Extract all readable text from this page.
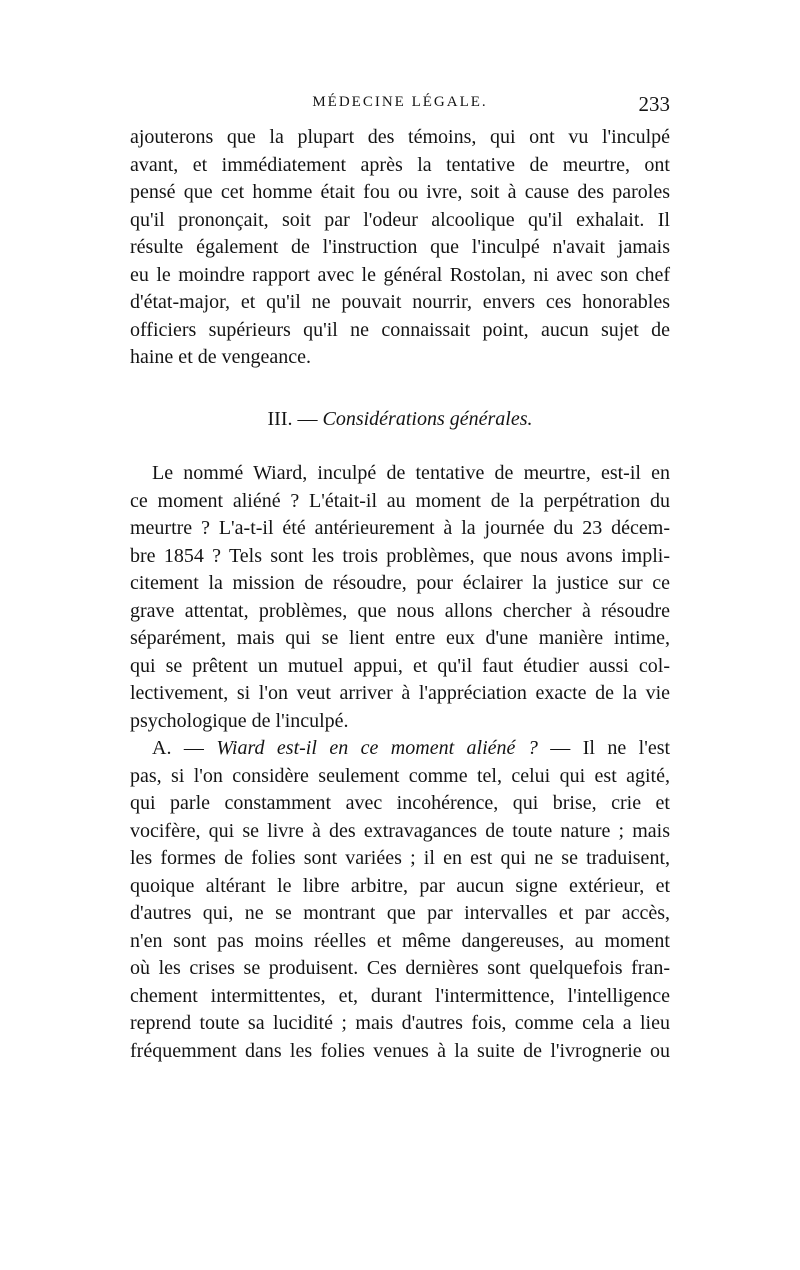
MÉDECINE LÉGALE.	233
ajouterons que la plupart des témoins, qui ont vu l'inculpé
avant, et immédiatement après la tentative de meurtre, ont
pensé que cet homme était fou ou ivre, soit à cause des paroles
qu'il prononçait, soit par l'odeur alcoolique qu'il exhalait. Il
résulte également de l'instruction que l'inculpé n'avait jamais
eu le moindre rapport avec le général Rostolan, ni avec son chef
d'état-major, et qu'il ne pouvait nourrir, envers ces honorables
officiers supérieurs qu'il ne connaissait point, aucun sujet de
haine et de vengeance.
III. — Considérations générales.
Le nommé Wiard, inculpé de tentative de meurtre, est-il en
ce moment aliéné ? L'était-il au moment de la perpétration du
meurtre ? L'a-t-il été antérieurement à la journée du 23 décem-
bre 1854 ? Tels sont les trois problèmes, que nous avons impli-
citement la mission de résoudre, pour éclairer la justice sur ce
grave attentat, problèmes, que nous allons chercher à résoudre
séparément, mais qui se lient entre eux d'une manière intime,
qui se prêtent un mutuel appui, et qu'il faut étudier aussi col-
lectivement, si l'on veut arriver à l'appréciation exacte de la vie
psychologique de l'inculpé.
A. — Wiard est-il en ce moment aliéné ? — Il ne l'est
pas, si l'on considère seulement comme tel, celui qui est agité,
qui parle constamment avec incohérence, qui brise, crie et
vocifère, qui se livre à des extravagances de toute nature ; mais
les formes de folies sont variées ; il en est qui ne se traduisent,
quoique altérant le libre arbitre, par aucun signe extérieur, et
d'autres qui, ne se montrant que par intervalles et par accès,
n'en sont pas moins réelles et même dangereuses, au moment
où les crises se produisent. Ces dernières sont quelquefois fran-
chement intermittentes, et, durant l'intermittence, l'intelligence
reprend toute sa lucidité ; mais d'autres fois, comme cela a lieu
fréquemment dans les folies venues à la suite de l'ivrognerie ou
